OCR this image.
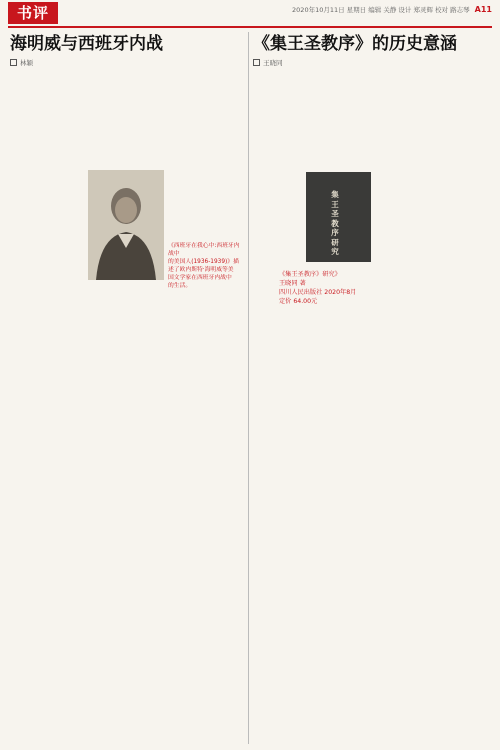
书评	2020年10月11日 星期日 编辑 关静 设计 郑灵辉 校对 路志琴 A11
海明威与西班牙内战
林颖
《西班牙在我心中:西班牙内战中
的美国人(1936-1939)》描
述了欧内斯特·海明威等美
国文学家在西班牙内战中
的生活。
《集王圣教序》的历史意涵
王晓同
集王圣教序研究
《集王圣教序》研究》
王晓同 著
四川人民出版社 2020年8月
定价 64.00元
